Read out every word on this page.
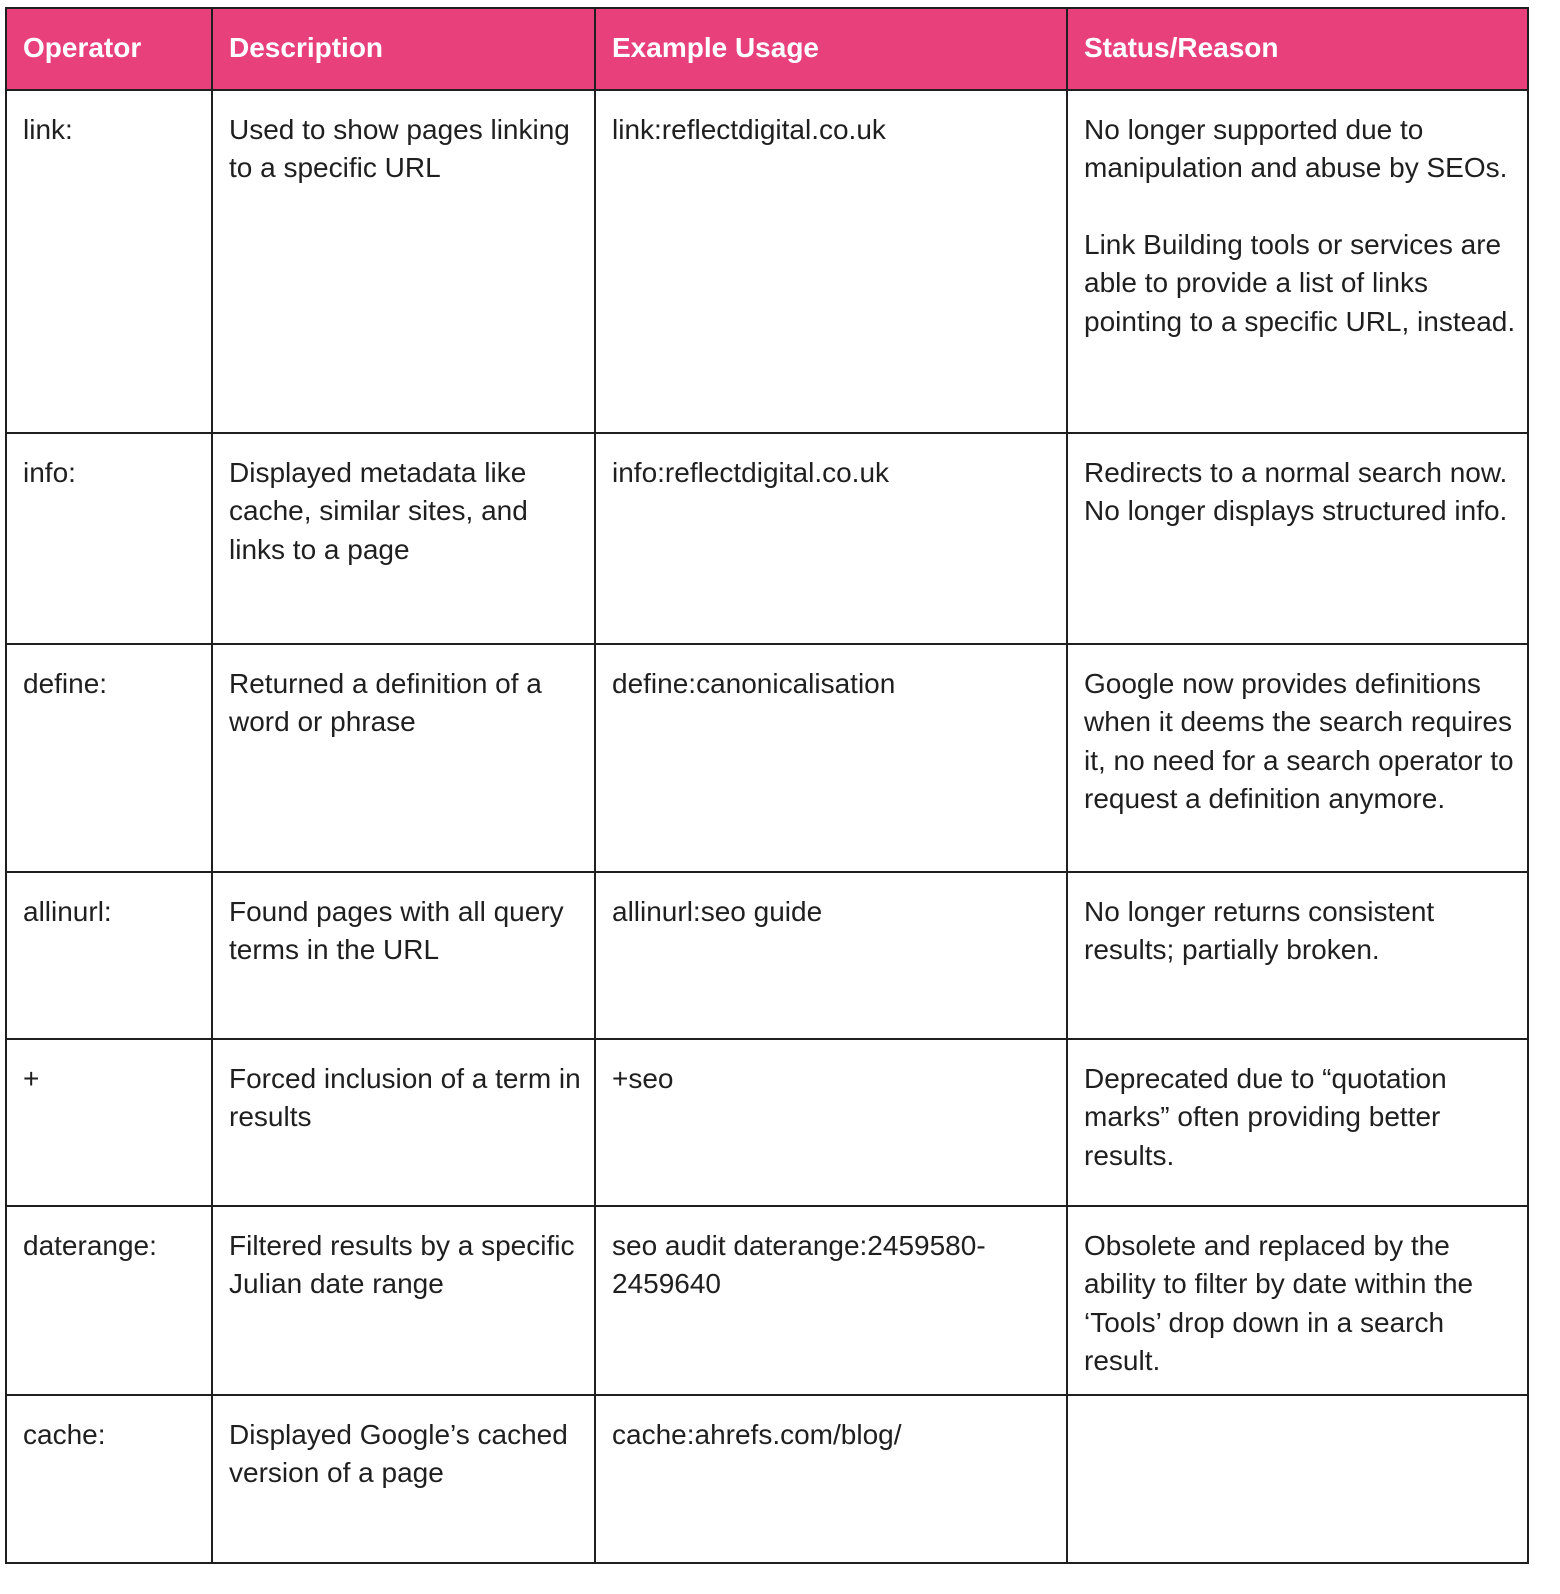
Operator	Description	Example Usage	Status/Reason
link:	Used to show pages linking to a specific URL	link:reflectdigital.co.uk	No longer supported due to manipulation and abuse by SEOs.

Link Building tools or services are able to provide a list of links pointing to a specific URL, instead.

info:	Displayed metadata like cache, similar sites, and links to a page	info:reflectdigital.co.uk	Redirects to a normal search now. No longer displays structured info.
define:	Returned a definition of a word or phrase	define:canonicalisation	Google now provides definitions when it deems the search requires it, no need for a search operator to request a definition anymore.
allinurl:	Found pages with all query terms in the URL	allinurl:seo guide	No longer returns consistent results; partially broken.
+	Forced inclusion of a term in results	+seo	Deprecated due to “quotation marks” often providing better results.
daterange:	Filtered results by a specific Julian date range	seo audit daterange:2459580-2459640	Obsolete and replaced by the ability to filter by date within the ‘Tools’ drop down in a search result.
cache:	Displayed Google’s cached version of a page	cache:ahrefs.com/blog/	
